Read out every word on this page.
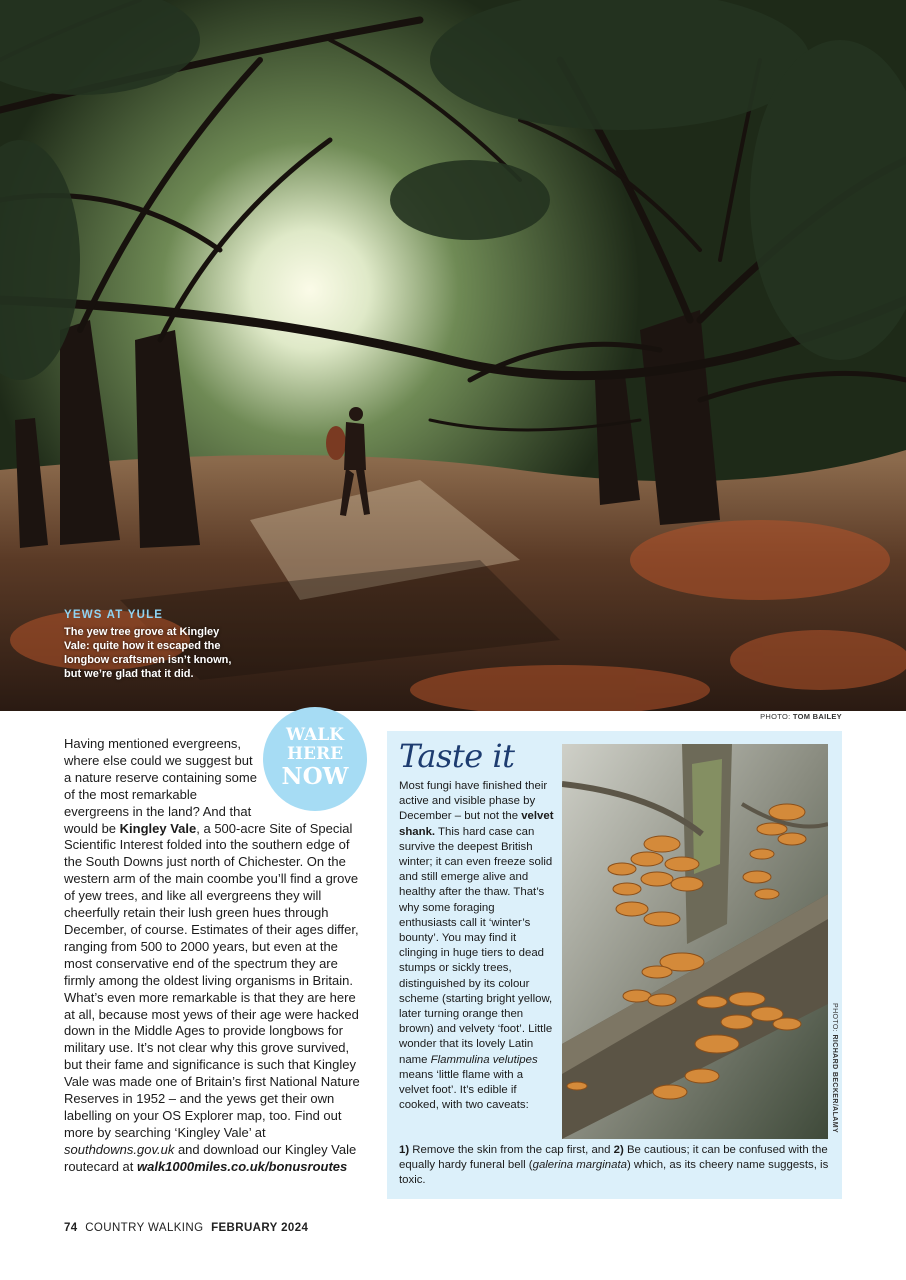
YEWS AT YULE
The yew tree grove at Kingley Vale: quite how it escaped the longbow craftsmen isn’t known, but we’re glad that it did.
PHOTO: TOM BAILEY
WALK
HERE
NOW

Having mentioned evergreens, where else could we suggest but a nature reserve containing some of the most remarkable evergreens in the land? And that would be Kingley Vale, a 500-acre Site of Special Scientific Interest folded into the southern edge of the South Downs just north of Chichester. On the western arm of the main coombe you’ll find a grove of yew trees, and like all evergreens they will cheerfully retain their lush green hues through December, of course. Estimates of their ages differ, ranging from 500 to 2000 years, but even at the most conservative end of the spectrum they are firmly among the oldest living organisms in Britain. What’s even more remarkable is that they are here at all, because most yews of their age were hacked down in the Middle Ages to provide longbows for military use. It’s not clear why this grove survived, but their fame and significance is such that Kingley Vale was made one of Britain’s first National Nature Reserves in 1952 – and the yews get their own labelling on your OS Explorer map, too. Find out more by searching ‘Kingley Vale’ at southdowns.gov.uk and download our Kingley Vale routecard at walk1000miles.co.uk/bonusroutes

Taste it

Most fungi have finished their active and visible phase by December – but not the velvet shank. This hard case can survive the deepest British winter; it can even freeze solid and still emerge alive and healthy after the thaw. That’s why some foraging enthusiasts call it ‘winter’s bounty’. You may find it clinging in huge tiers to dead stumps or sickly trees, distinguished by its colour scheme (starting bright yellow, later turning orange then brown) and velvety ‘foot’. Little wonder that its lovely Latin name Flammulina velutipes means ‘little flame with a velvet foot’. It’s edible if cooked, with two caveats:

PHOTO: RICHARD BECKER/ALAMY
1) Remove the skin from the cap first, and 2) Be cautious; it can be confused with the equally hardy funeral bell (galerina marginata) which, as its cheery name suggests, is toxic.
74 COUNTRY WALKING FEBRUARY 2024
